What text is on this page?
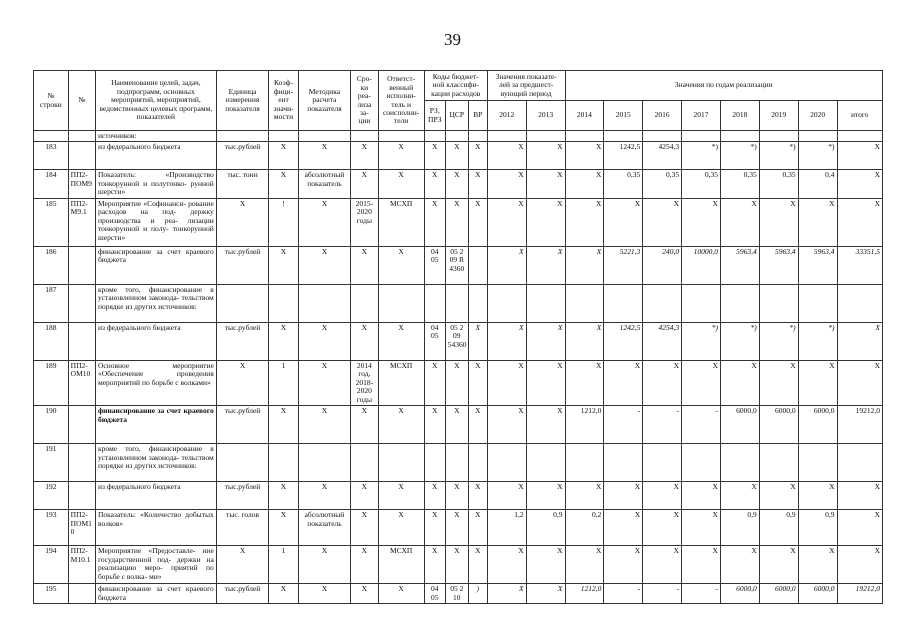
39
№ строки	№	Наименование целей, задач, подпрограмм, основных мероприятий, мероприятий, ведомственных целевых программ, показателей	Единица измерения показателя	Коэф- фици- ент значи- мости	Методика расчета показателя	Сро- ки реа- лиза за- ции	Ответст- венный исполни- тель и соисполни- тели	Коды бюджет- ной классифи- кации расходов			Значения показате- лей за предшест- вующий период		Значения по годам реализации							
								РЗ, ПРЗ	ЦСР	ВР	2012	2013	2014	2015	2016	2017	2018	2019	2020	итого
		источников:																		
183		из федерального бюджета	тыс.рублей	X	X	X	X	X	X	X	X	X	X	1242,5	4254,3	*)	*)	*)	*)	X
184	ПП2- ПОМ9	Показатель: «Производство тонкорунной и полутонко- рунной шерсти»	тыс. тонн	X	абсолютный показатель	X	X	X	X	X	X	X	X	0,35	0,35	0,35	0,35	0,35	0,4	X
185	ПП2- М9.1	Мероприятие «Софинанси- рование расходов на под- держку производства и реа- лизации тонкорунной и полу- тонкорунной шерсти»	X	!	X	2015- 2020 годы	МСХП	X	X	X	X	X	X	X	X	X	X	X	X	X
186		финансирование за счет краевого бюджета	тыс.рублей	X	X	X	X	04 05	05 2 09 R 4360		X	X	X	5221,3	240,0	10000,0	5963,4	5963,4	5963,4	33351,5
187		кроме того, финансирование в установленном законода- тельством порядке из других источников:																		
188		из федерального бюджета	тыс.рублей	X	X	X	X	04 05	05 2 09 54360	X	X	X	X	1242,5	4254,3	*)	*)	*)	*)	X
189	ПП2- ОМ10	Основное мероприятие «Обеспечение проведения мероприятий по борьбе с волками»	X	1	X	2014 год, 2018- 2020 годы	МСХП	X	X	X	X	X	X	X	X	X	X	X	X	X
190		финансирование за счет краевого бюджета	тыс.рублей	X	X	X	X	X	X	X	X	X	1212,0	-	-	-	6000,0	6000,0	6000,0	19212,0
191		кроме того, финансирование в установленном законода- тельством порядке из других источников:																		
192		из федерального бюджета	тыс.рублей	X	X	X	X	X	X	X	X	X	X	X	X	X	X	X	X	X
193	ПП2- ПОМ1 0	Показатель: «Количество добытых волков»	тыс. голов	X	абсолютный показатель	X	X	X	X	X	1,2	0,9	0,2	X	X	X	0,9	0,9	0,9	X
194	ПП2- М10.1	Мероприятие «Предоставле- ние государственной под- держки на реализацию меро- приятий по борьбе с волка- ми»	X	1	X	X	МСХП	X	X	X	X	X	X	X	X	X	X	X	X	X
195		финансирование за счет краевого бюджета	тыс.рублей	X	X	X	X	04 05	05 2 10	)	X	X	1212,0	-	-	-	6000,0	6000,0	6000,0	19212,0
